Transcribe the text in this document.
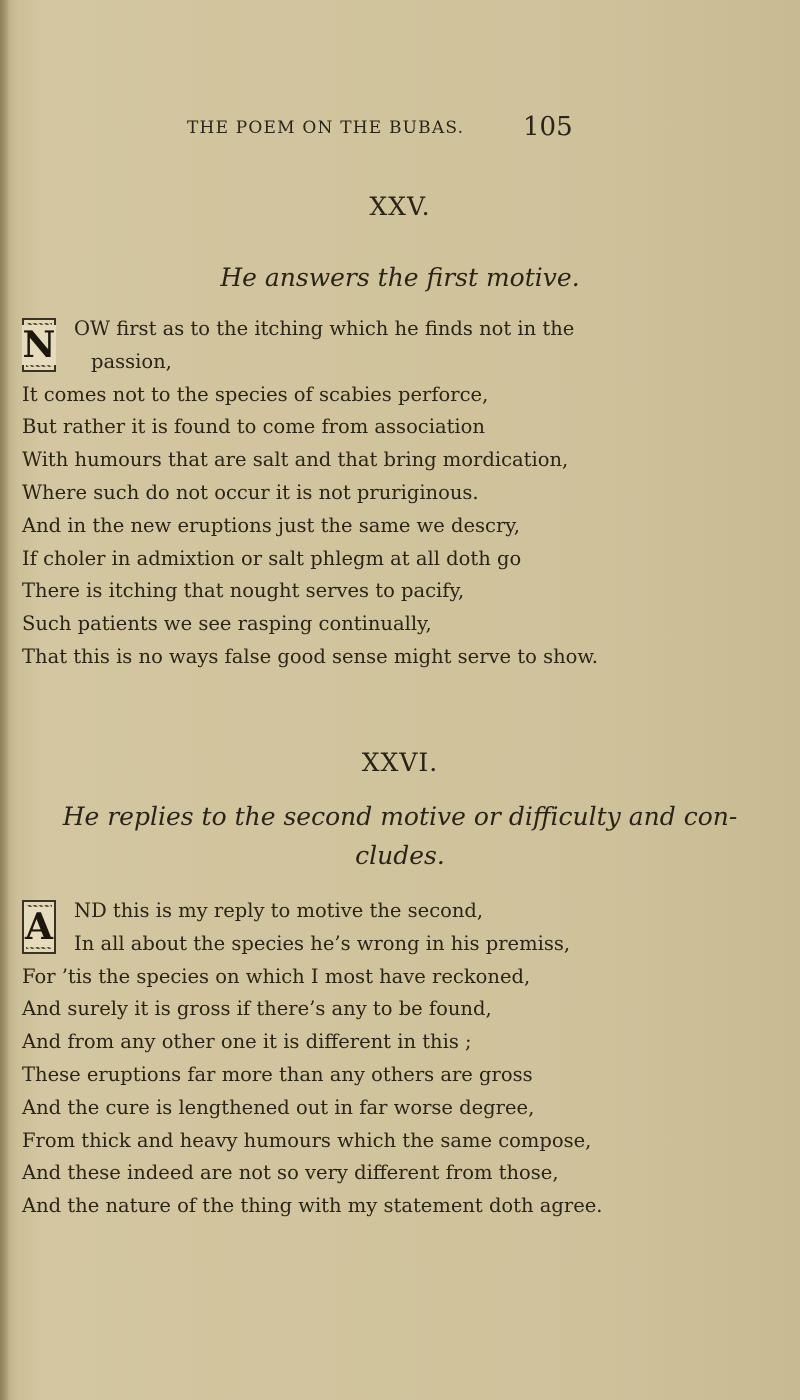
THE POEM ON THE BUBAS. 105
XXV.
He answers the first motive.
N OW first as to the itching which he finds not in the
passion,
It comes not to the species of scabies perforce,
But rather it is found to come from association
With humours that are salt and that bring mordication,
Where such do not occur it is not pruriginous.
And in the new eruptions just the same we descry,
If choler in admixtion or salt phlegm at all doth go
There is itching that nought serves to pacify,
Such patients we see rasping continually,
That this is no ways false good sense might serve to show.
XXVI.
He replies to the second motive or difficulty and con-
cludes.
A	ND this is my reply to motive the second,
In all about the species he’s wrong in his premiss,
For ’tis the species on which I most have reckoned,
And surely it is gross if there’s any to be found,
And from any other one it is different in this ;
These eruptions far more than any others are gross
And the cure is lengthened out in far worse degree,
From thick and heavy humours which the same compose,
And these indeed are not so very different from those,
And the nature of the thing with my statement doth agree.
